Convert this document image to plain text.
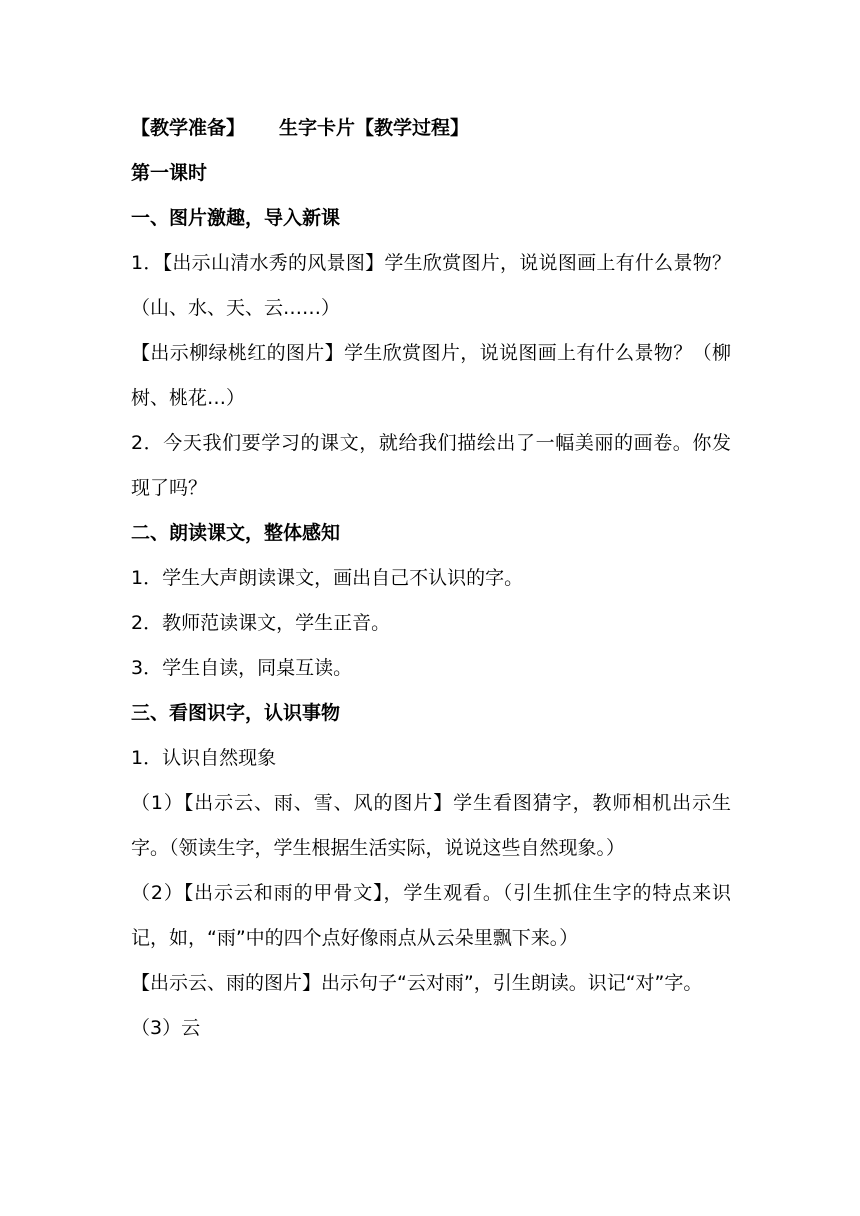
【教学准备】 生字卡片【教学过程】
第一课时
一、图片激趣，导入新课
1．【出示山清水秀的风景图】学生欣赏图片，说说图画上有什么景物？（山、水、天、云……）
【出示柳绿桃红的图片】学生欣赏图片，说说图画上有什么景物？（柳树、桃花…）
2．今天我们要学习的课文，就给我们描绘出了一幅美丽的画卷。你发现了吗？
二、朗读课文，整体感知
1．学生大声朗读课文，画出自己不认识的字。
2．教师范读课文，学生正音。
3．学生自读，同桌互读。
三、看图识字，认识事物
1．认识自然现象
（1）【出示云、雨、雪、风的图片】学生看图猜字，教师相机出示生字。（领读生字，学生根据生活实际，说说这些自然现象。）
（2）【出示云和雨的甲骨文】，学生观看。（引生抓住生字的特点来识记，如，“雨”中的四个点好像雨点从云朵里飘下来。）
【出示云、雨的图片】出示句子“云对雨”，引生朗读。识记“对”字。
（3）云
